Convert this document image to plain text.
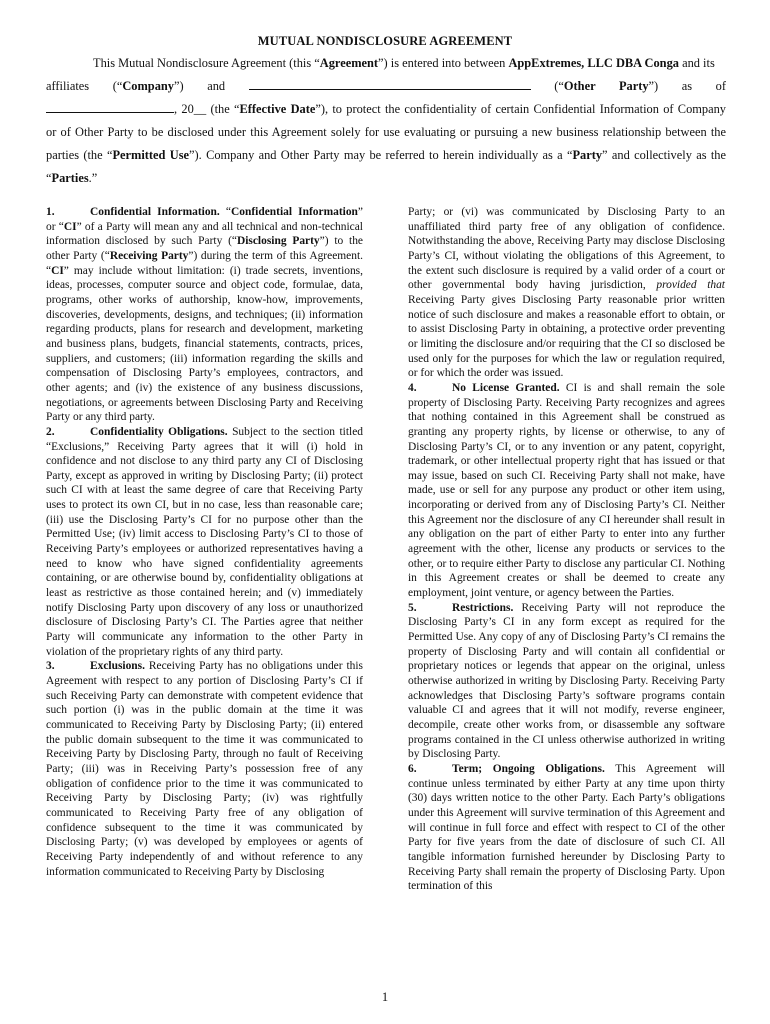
MUTUAL NONDISCLOSURE AGREEMENT

This Mutual Nondisclosure Agreement (this “Agreement”) is entered into between AppExtremes, LLC DBA Conga and its

affiliates (“Company”) and	(“Other Party”) as of

, 20__ (the “Effective Date”), to protect the confidentiality of certain Confidential Information of Company

or of Other Party to be disclosed under this Agreement solely for use evaluating or pursuing a new business relationship between the

parties (the “Permitted Use”). Company and Other Party may be referred to herein individually as a “Party” and collectively as the

“Parties.”

1.	Confidential Information. “Confidential Information” or “CI” of a Party will mean any and all technical and non-technical information disclosed by such Party (“Disclosing Party”) to the other Party (“Receiving Party”) during the term of this Agreement. “CI” may include without limitation: (i) trade secrets, inventions, ideas, processes, computer source and object code, formulae, data, programs, other works of authorship, know-how, improvements, discoveries, developments, designs, and techniques; (ii) information regarding products, plans for research and development, marketing and business plans, budgets, financial statements, contracts, prices, suppliers, and customers; (iii) information regarding the skills and compensation of Disclosing Party’s employees, contractors, and other agents; and (iv) the existence of any business discussions, negotiations, or agreements between Disclosing Party and Receiving Party or any third party.

2.	Confidentiality Obligations. Subject to the section titled “Exclusions,” Receiving Party agrees that it will (i) hold in confidence and not disclose to any third party any CI of Disclosing Party, except as approved in writing by Disclosing Party; (ii) protect such CI with at least the same degree of care that Receiving Party uses to protect its own CI, but in no case, less than reasonable care; (iii) use the Disclosing Party’s CI for no purpose other than the Permitted Use; (iv) limit access to Disclosing Party’s CI to those of Receiving Party’s employees or authorized representatives having a need to know who have signed confidentiality agreements containing, or are otherwise bound by, confidentiality obligations at least as restrictive as those contained herein; and (v) immediately notify Disclosing Party upon discovery of any loss or unauthorized disclosure of Disclosing Party’s CI. The Parties agree that neither Party will communicate any information to the other Party in violation of the proprietary rights of any third party.

3.	Exclusions. Receiving Party has no obligations under this Agreement with respect to any portion of Disclosing Party’s CI if such Receiving Party can demonstrate with competent evidence that such portion (i) was in the public domain at the time it was communicated to Receiving Party by Disclosing Party; (ii) entered the public domain subsequent to the time it was communicated to Receiving Party by Disclosing Party, through no fault of Receiving Party; (iii) was in Receiving Party’s possession free of any obligation of confidence prior to the time it was communicated to Receiving Party by Disclosing Party; (iv) was rightfully communicated to Receiving Party free of any obligation of confidence subsequent to the time it was communicated by Disclosing Party; (v) was developed by employees or agents of Receiving Party independently of and without reference to any information communicated to Receiving Party by Disclosing

Party; or (vi) was communicated by Disclosing Party to an unaffiliated third party free of any obligation of confidence. Notwithstanding the above, Receiving Party may disclose Disclosing Party’s CI, without violating the obligations of this Agreement, to the extent such disclosure is required by a valid order of a court or other governmental body having jurisdiction, provided that Receiving Party gives Disclosing Party reasonable prior written notice of such disclosure and makes a reasonable effort to obtain, or to assist Disclosing Party in obtaining, a protective order preventing or limiting the disclosure and/or requiring that the CI so disclosed be used only for the purposes for which the law or regulation required, or for which the order was issued.

4.	No License Granted. CI is and shall remain the sole property of Disclosing Party. Receiving Party recognizes and agrees that nothing contained in this Agreement shall be construed as granting any property rights, by license or otherwise, to any of Disclosing Party’s CI, or to any invention or any patent, copyright, trademark, or other intellectual property right that has issued or that may issue, based on such CI. Receiving Party shall not make, have made, use or sell for any purpose any product or other item using, incorporating or derived from any of Disclosing Party’s CI. Neither this Agreement nor the disclosure of any CI hereunder shall result in any obligation on the part of either Party to enter into any further agreement with the other, license any products or services to the other, or to require either Party to disclose any particular CI. Nothing in this Agreement creates or shall be deemed to create any employment, joint venture, or agency between the Parties.

5.	Restrictions. Receiving Party will not reproduce the Disclosing Party’s CI in any form except as required for the Permitted Use. Any copy of any of Disclosing Party’s CI remains the property of Disclosing Party and will contain all confidential or proprietary notices or legends that appear on the original, unless otherwise authorized in writing by Disclosing Party. Receiving Party acknowledges that Disclosing Party’s software programs contain valuable CI and agrees that it will not modify, reverse engineer, decompile, create other works from, or disassemble any software programs contained in the CI unless otherwise authorized in writing by Disclosing Party.

6.	Term; Ongoing Obligations. This Agreement will continue unless terminated by either Party at any time upon thirty (30) days written notice to the other Party. Each Party’s obligations under this Agreement will survive termination of this Agreement and will continue in full force and effect with respect to CI of the other Party for five years from the date of disclosure of such CI. All tangible information furnished hereunder by Disclosing Party to Receiving Party shall remain the property of Disclosing Party. Upon termination of this

1
